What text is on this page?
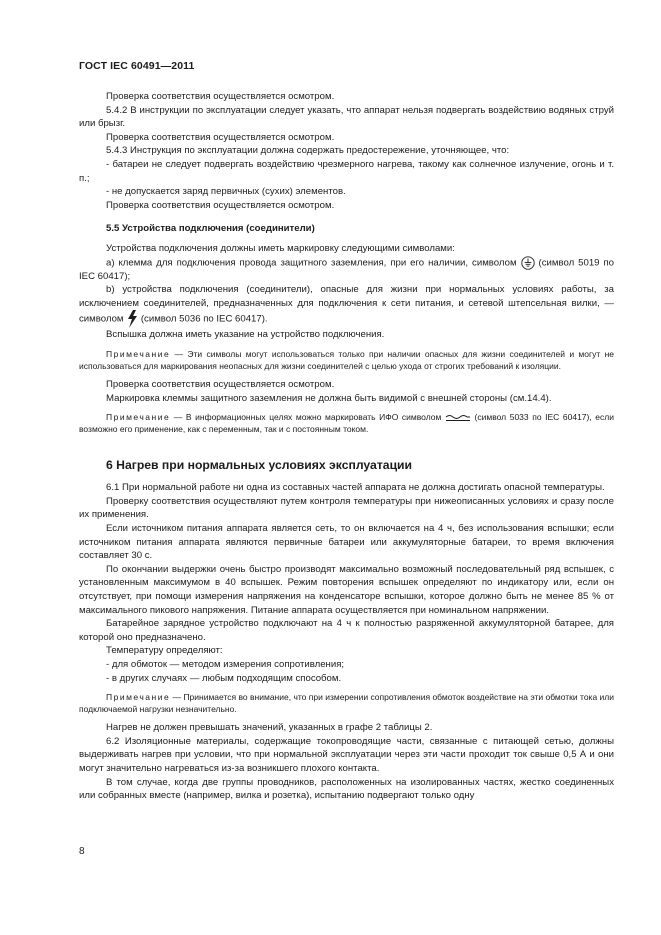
ГОСТ IEC 60491—2011

Проверка соответствия осуществляется осмотром.

5.4.2 В инструкции по эксплуатации следует указать, что аппарат нельзя подвергать воздействию водяных струй или брызг.

Проверка соответствия осуществляется осмотром.

5.4.3 Инструкция по эксплуатации должна содержать предостережение, уточняющее, что:

- батареи не следует подвергать воздействию чрезмерного нагрева, такому как солнечное излучение, огонь и т. п.;

- не допускается заряд первичных (сухих) элементов.

Проверка соответствия осуществляется осмотром.

5.5 Устройства подключения (соединители)

Устройства подключения должны иметь маркировку следующими символами:

а) клемма для подключения провода защитного заземления, при его наличии, символом (символ 5019 по IEC 60417);

b) устройства подключения (соединители), опасные для жизни при нормальных условиях работы, за исключением соединителей, предназначенных для подключения к сети питания, и сетевой штепсельная вилки, — символом (символ 5036 по IEC 60417).

Вспышка должна иметь указание на устройство подключения.

Примечание — Эти символы могут использоваться только при наличии опасных для жизни соединителей и могут не использоваться для маркирования неопасных для жизни соединителей с целью ухода от строгих требований к изоляции.

Проверка соответствия осуществляется осмотром.

Маркировка клеммы защитного заземления не должна быть видимой с внешней стороны (см.14.4).

Примечание — В информационных целях можно маркировать ИФО символом	(символ 5033 по IEC 60417), если возможно его применение, как с переменным, так и с постоянным током.

6 Нагрев при нормальных условиях эксплуатации

6.1 При нормальной работе ни одна из составных частей аппарата не должна достигать опасной температуры.

Проверку соответствия осуществляют путем контроля температуры при нижеописанных условиях и сразу после их применения.

Если источником питания аппарата является сеть, то он включается на 4 ч, без использования вспышки; если источником питания аппарата являются первичные батареи или аккумуляторные батареи, то время включения составляет 30 с.

По окончании выдержки очень быстро производят максимально возможный последовательный ряд вспышек, с установленным максимумом в 40 вспышек. Режим повторения вспышек определяют по индикатору или, если он отсутствует, при помощи измерения напряжения на конденсаторе вспышки, которое должно быть не менее 85 % от максимального пикового напряжения. Питание аппарата осуществляется при номинальном напряжении.

Батарейное зарядное устройство подключают на 4 ч к полностью разряженной аккумуляторной батарее, для которой оно предназначено.

Температуру определяют:

- для обмоток — методом измерения сопротивления;

- в других случаях — любым подходящим способом.

Примечание — Принимается во внимание, что при измерении сопротивления обмоток воздействие на эти обмотки тока или подключаемой нагрузки незначительно.

Нагрев не должен превышать значений, указанных в графе 2 таблицы 2.

6.2 Изоляционные материалы, содержащие токопроводящие части, связанные с питающей сетью, должны выдерживать нагрев при условии, что при нормальной эксплуатации через эти части проходит ток свыше 0,5 А и они могут значительно нагреваться из-за возникшего плохого контакта.

В том случае, когда две группы проводников, расположенных на изолированных частях, жестко соединенных или собранных вместе (например, вилка и розетка), испытанию подвергают только одну

8
